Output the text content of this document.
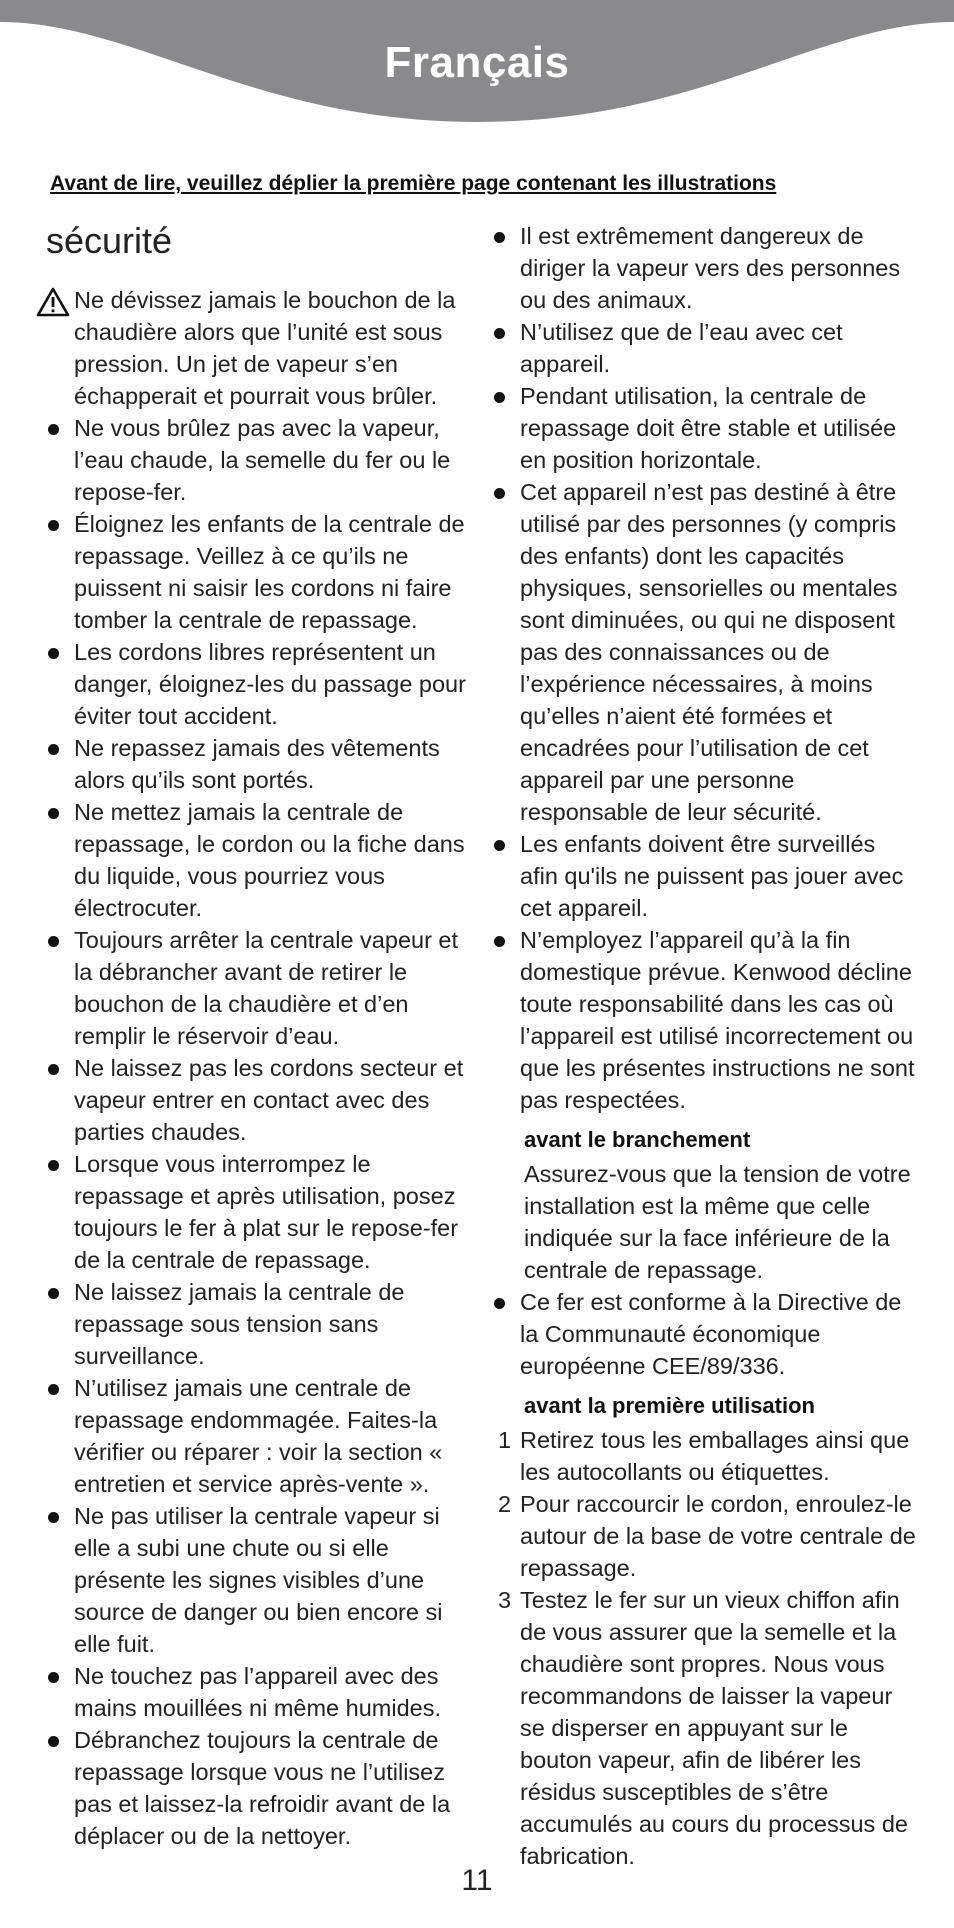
Français
Avant de lire, veuillez déplier la première page contenant les illustrations
sécurité

Ne dévissez jamais le bouchon de la chaudière alors que l’unité est sous pression. Un jet de vapeur s’en échapperait et pourrait vous brûler.

Ne vous brûlez pas avec la vapeur, l’eau chaude, la semelle du fer ou le repose-fer.
Éloignez les enfants de la centrale de repassage. Veillez à ce qu’ils ne puissent ni saisir les cordons ni faire tomber la centrale de repassage.
Les cordons libres représentent un danger, éloignez-les du passage pour éviter tout accident.
Ne repassez jamais des vêtements alors qu’ils sont portés.
Ne mettez jamais la centrale de repassage, le cordon ou la fiche dans du liquide, vous pourriez vous électrocuter.
Toujours arrêter la centrale vapeur et la débrancher avant de retirer le bouchon de la chaudière et d’en remplir le réservoir d’eau.
Ne laissez pas les cordons secteur et vapeur entrer en contact avec des parties chaudes.
Lorsque vous interrompez le repassage et après utilisation, posez toujours le fer à plat sur le repose-fer de la centrale de repassage.
Ne laissez jamais la centrale de repassage sous tension sans surveillance.
N’utilisez jamais une centrale de repassage endommagée. Faites-la vérifier ou réparer : voir la section « entretien et service après-vente ».
Ne pas utiliser la centrale vapeur si elle a subi une chute ou si elle présente les signes visibles d’une source de danger ou bien encore si elle fuit.
Ne touchez pas l’appareil avec des mains mouillées ni même humides.
Débranchez toujours la centrale de repassage lorsque vous ne l’utilisez pas et laissez-la refroidir avant de la déplacer ou de la nettoyer.
Il est extrêmement dangereux de diriger la vapeur vers des personnes ou des animaux.
N’utilisez que de l’eau avec cet appareil.
Pendant utilisation, la centrale de repassage doit être stable et utilisée en position horizontale.
Cet appareil n’est pas destiné à être utilisé par des personnes (y compris des enfants) dont les capacités physiques, sensorielles ou mentales sont diminuées, ou qui ne disposent pas des connaissances ou de l’expérience nécessaires, à moins qu’elles n’aient été formées et encadrées pour l’utilisation de cet appareil par une personne responsable de leur sécurité.
Les enfants doivent être surveillés afin qu'ils ne puissent pas jouer avec cet appareil.
N’employez l’appareil qu’à la fin domestique prévue. Kenwood décline toute responsabilité dans les cas où l’appareil est utilisé incorrectement ou que les présentes instructions ne sont pas respectées.
avant le branchement

Assurez-vous que la tension de votre installation est la même que celle indiquée sur la face inférieure de la centrale de repassage.

Ce fer est conforme à la Directive de la Communauté économique européenne CEE/89/336.
avant la première utilisation
1 Retirez tous les emballages ainsi que les autocollants ou étiquettes.
2 Pour raccourcir le cordon, enroulez-le autour de la base de votre centrale de repassage.
3 Testez le fer sur un vieux chiffon afin de vous assurer que la semelle et la chaudière sont propres. Nous vous recommandons de laisser la vapeur se disperser en appuyant sur le bouton vapeur, afin de libérer les résidus susceptibles de s’être accumulés au cours du processus de fabrication.
11
